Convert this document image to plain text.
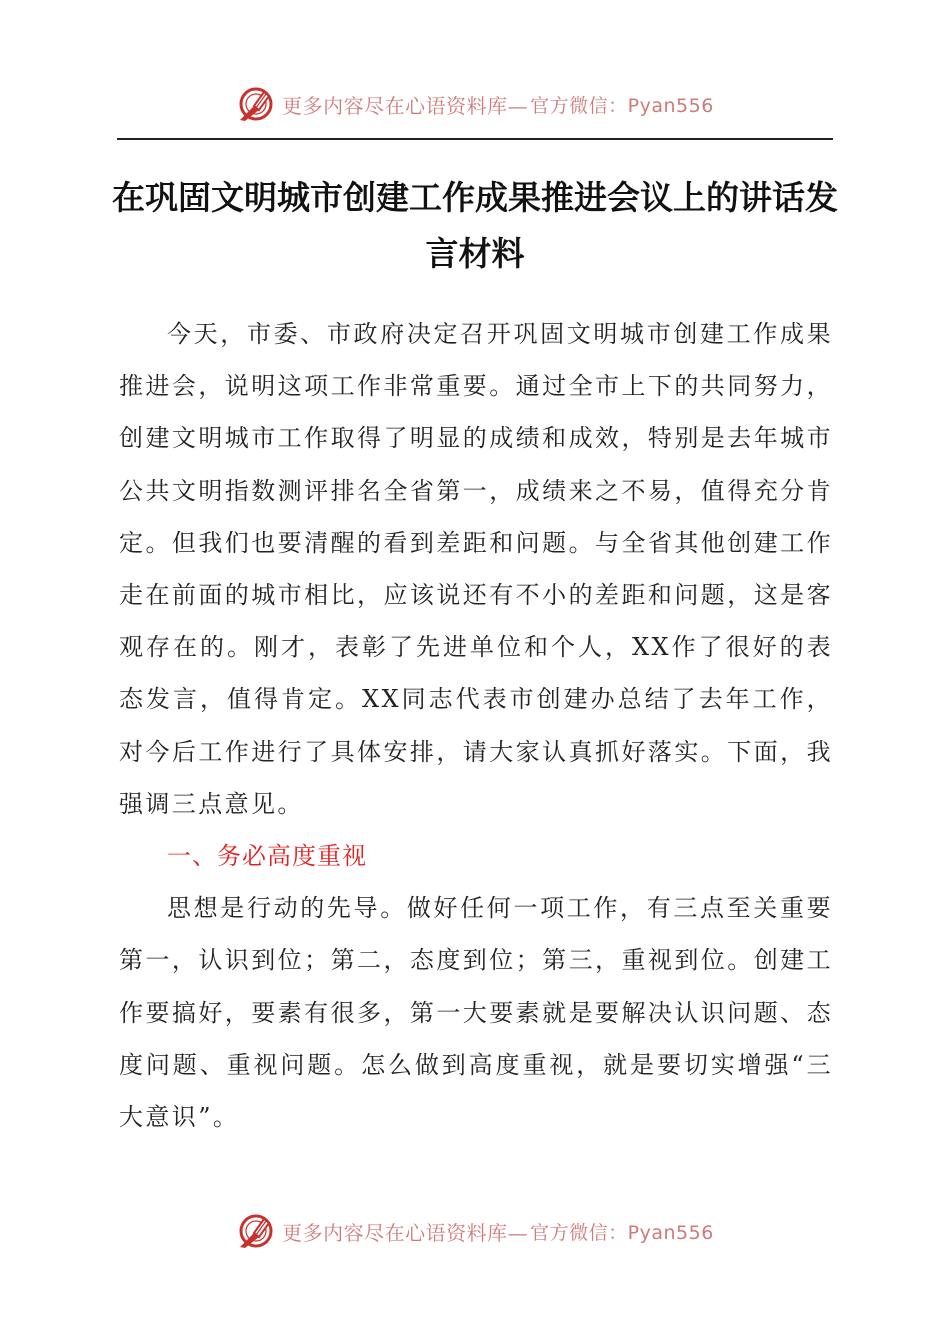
更多内容尽在心语资料库— 官方微信：Pyan556
在巩固文明城市创建工作成果推进会议上的讲话发言材料

今天，市委、市政府决定召开巩固文明城市创建工作成果推进会，说明这项工作非常重要。通过全市上下的共同努力，创建文明城市工作取得了明显的成绩和成效，特别是去年城市公共文明指数测评排名全省第一，成绩来之不易，值得充分肯定。但我们也要清醒的看到差距和问题。与全省其他创建工作走在前面的城市相比，应该说还有不小的差距和问题，这是客观存在的。刚才，表彰了先进单位和个人，XX作了很好的表态发言，值得肯定。XX同志代表市创建办总结了去年工作，对今后工作进行了具体安排，请大家认真抓好落实。下面，我强调三点意见。

一、务必高度重视

思想是行动的先导。做好任何一项工作，有三点至关重要第一，认识到位；第二，态度到位；第三，重视到位。创建工作要搞好，要素有很多，第一大要素就是要解决认识问题、态度问题、重视问题。怎么做到高度重视，就是要切实增强“三大意识”。

更多内容尽在心语资料库— 官方微信：Pyan556
